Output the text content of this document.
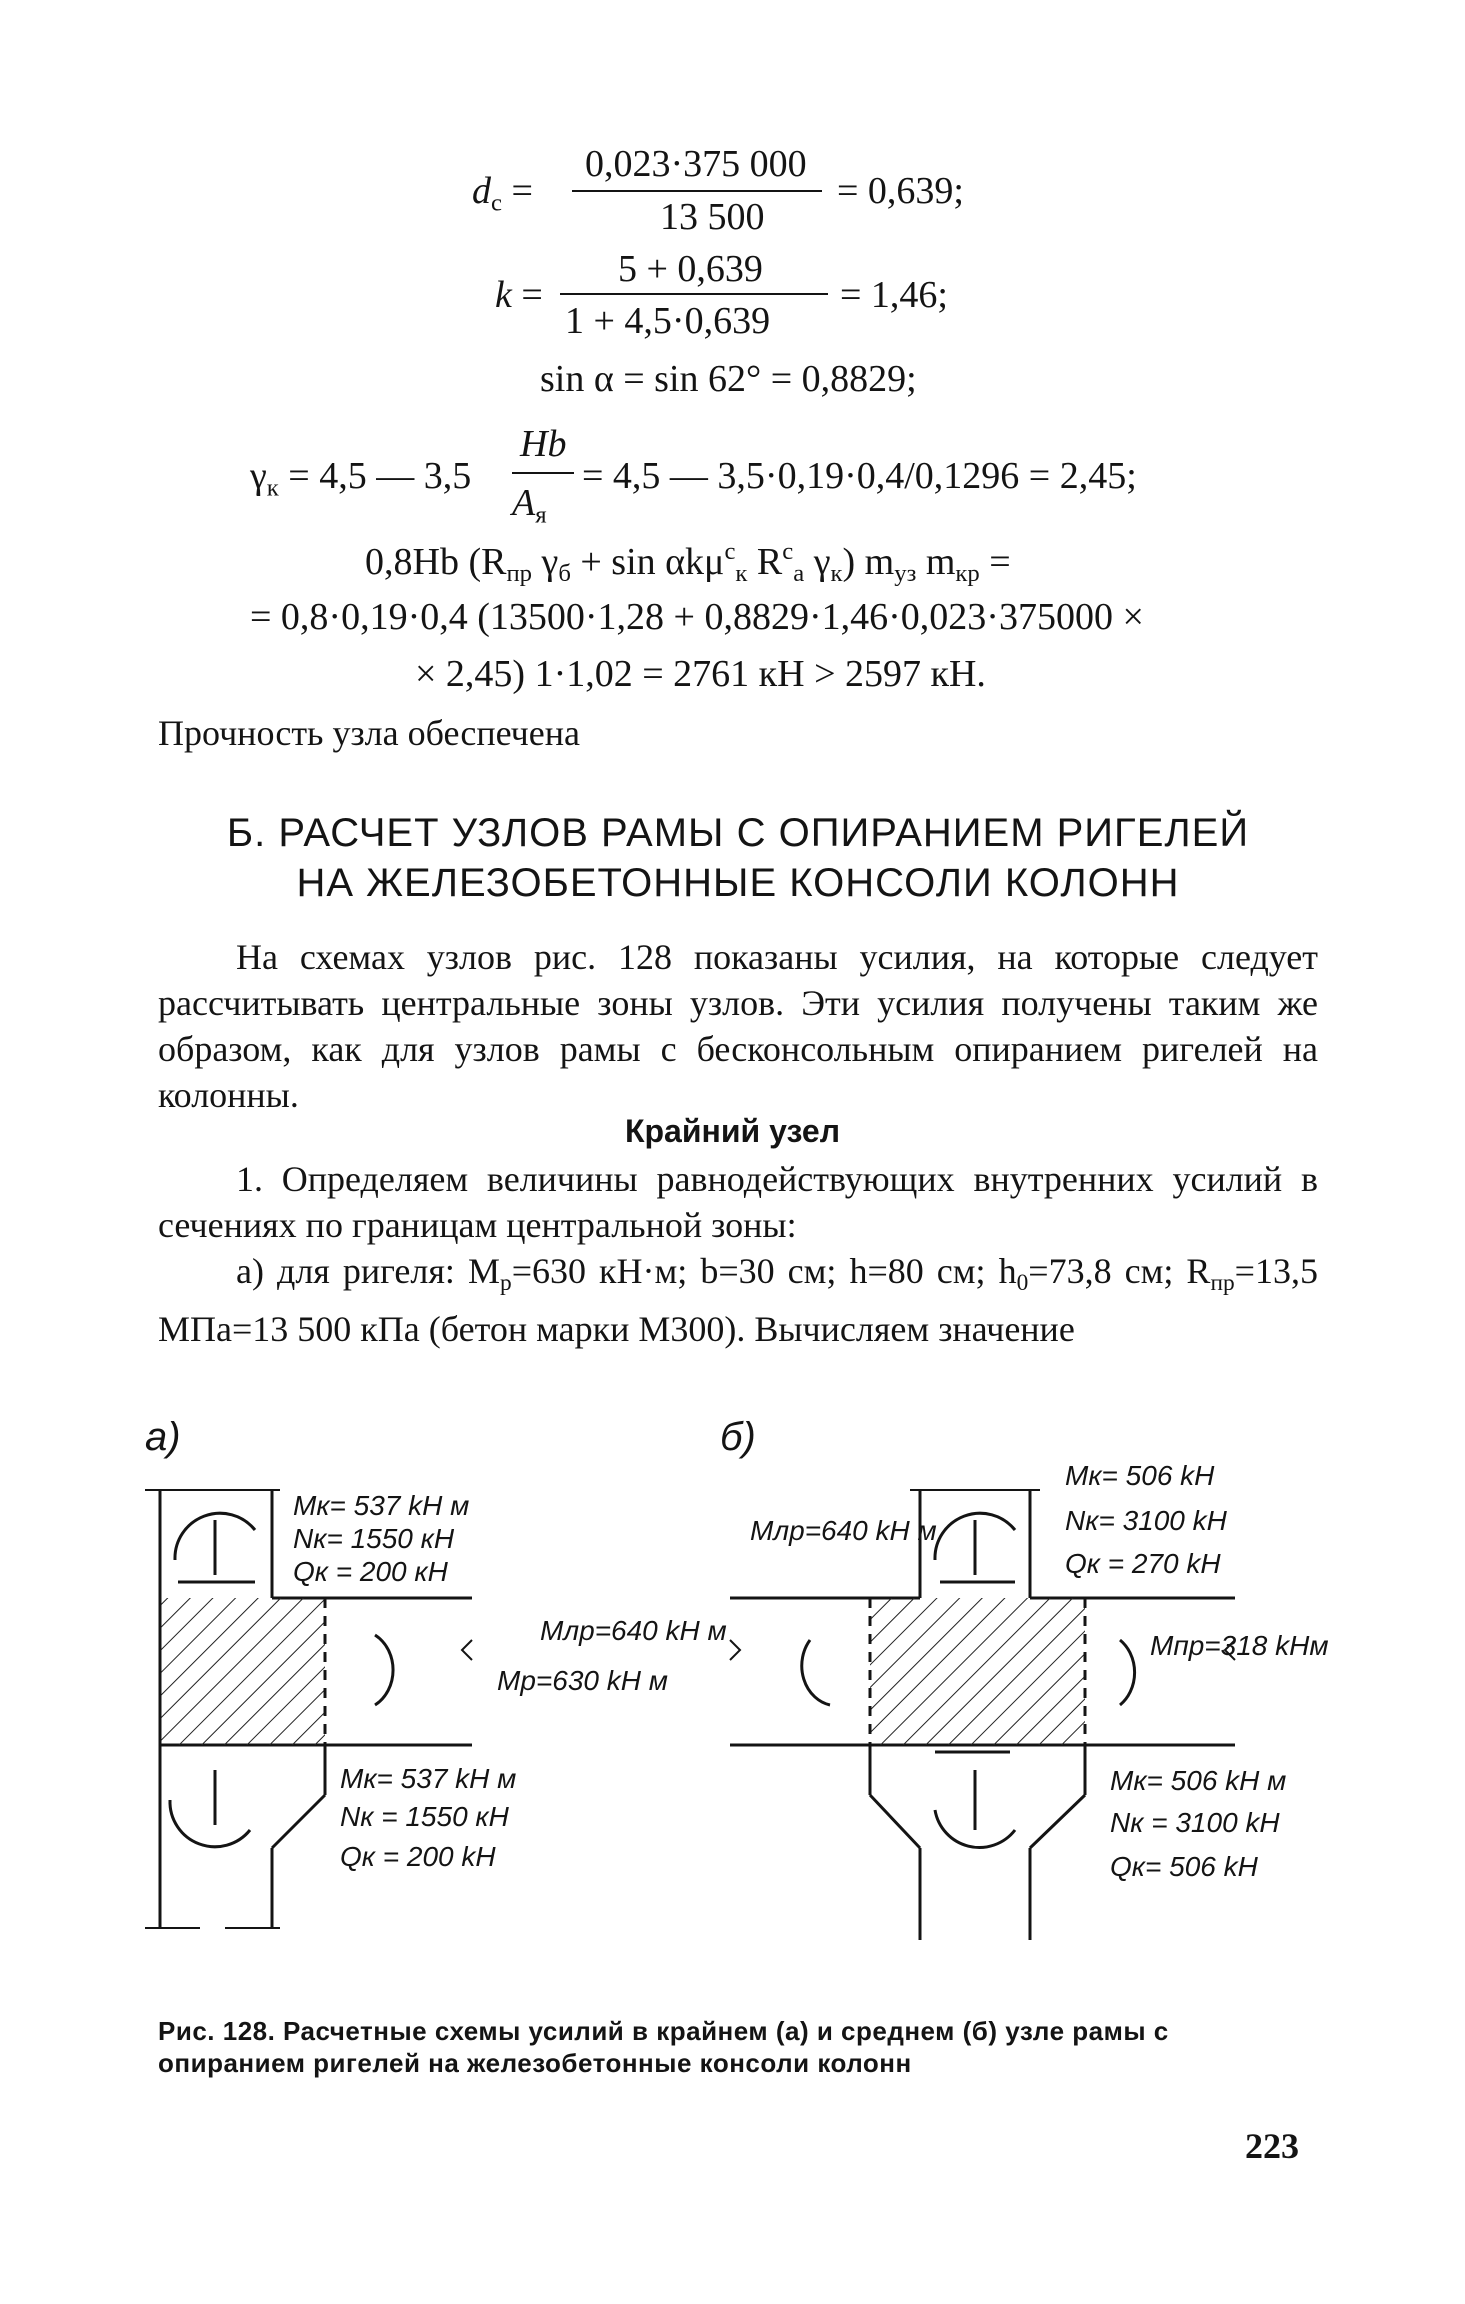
$d_с$ =
0,023·375 000
13 500
= 0,639;
k =
5 + 0,639
1 + 4,5·0,639
= 1,46;
sin α = sin 62° = 0,8829;
$\gamma_к = 4,5$ — 3,5
Hb
$A_я$
= 4,5 — 3,5·0,19·0,4/0,1296 = 2,45;
0,8Hb ($R_{пр}$ $\gamma_б + \sin \alpha k\mu^с_к$ $R^с_а$ $\gamma_к$) $m_{уз}$ $m_{кр}$ =
= 0,8·0,19·0,4 (13500·1,28 + 0,8829·1,46·0,023·375000 ×
× 2,45) 1·1,02 = 2761 кН > 2597 кН.
Прочность узла обеспечена
Б. РАСЧЕТ УЗЛОВ РАМЫ С ОПИРАНИЕМ РИГЕЛЕЙ
НА ЖЕЛЕЗОБЕТОННЫЕ КОНСОЛИ КОЛОНН
На схемах узлов рис. 128 показаны усилия, на которые следует рассчитывать центральные зоны узлов. Эти усилия получены таким же образом, как для узлов рамы с бесконсольным опиранием ригелей на колонны.
Крайний узел
1. Определяем величины равнодействующих внутренних усилий в сечениях по границам центральной зоны:
а) для ригеля: $M_р=630$ кН·м; b=30 см; h=80 см; $h_0=73,8$ см; $R_{пр}=13,5$ МПа=13 500 кПа (бетон марки М300). Вычисляем значение
а)
Mк= 537 kH м
Nк= 1550 кН
Qк = 200 кН
Mр=630 kH м
Mк= 537 kH м
Nк = 1550 кН
Qк = 200 kH
б)
Mлр=640 kH м
Mлр=640 kH м
Mк= 506 kH
Nк= 3100 kH
Qк = 270 kH
Mпр=318 kHм
Mк= 506 kH м
Nк = 3100 kH
Qк= 506 kH
Рис. 128. Расчетные схемы усилий в крайнем (а) и среднем (б) узле рамы с опиранием ригелей на железобетонные консоли колонн
223
